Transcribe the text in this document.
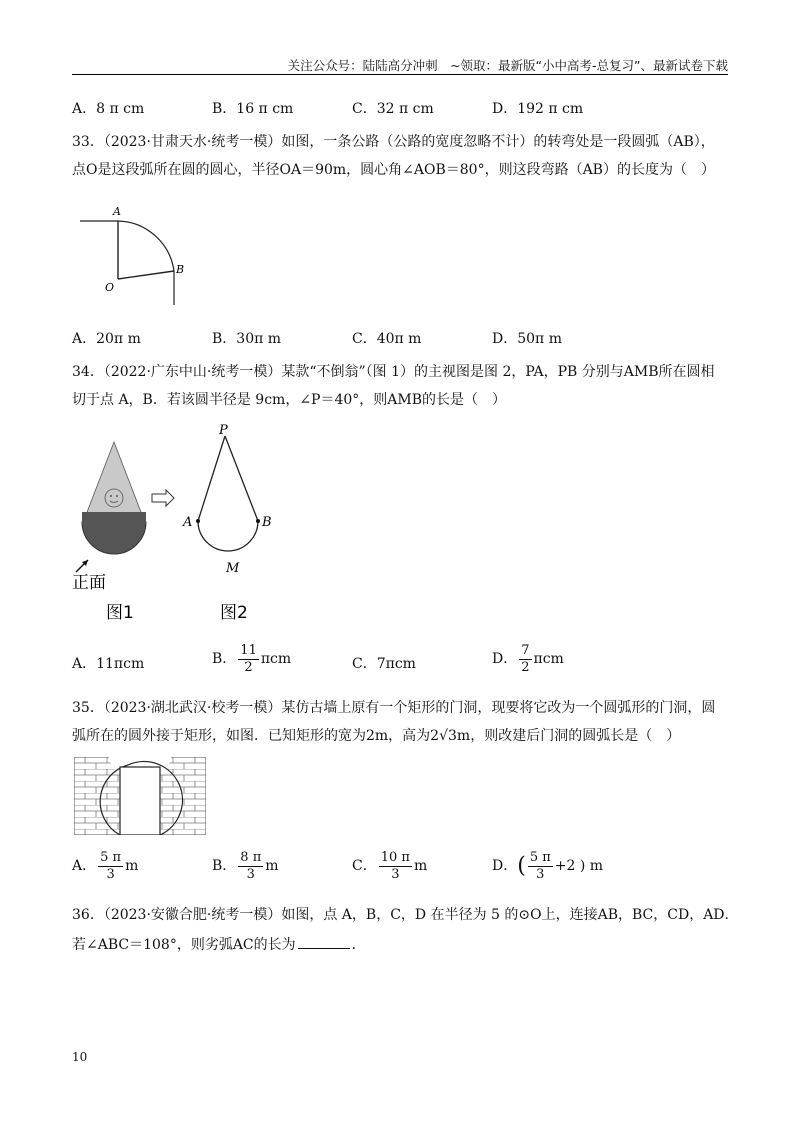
关注公众号：陆陆高分冲刺　~领取：最新版“小中高考-总复习”、最新试卷下载
A．8 π cm	B．16 π cm	C．32 π cm	D．192 π cm
33．（2023·甘肃天水·统考一模）如图，一条公路（公路的宽度忽略不计）的转弯处是一段圆弧（AB），
点O是这段弧所在圆的圆心，半径OA＝90m，圆心角∠AOB＝80°，则这段弯路（AB）的长度为（　）
A
B
O
A．20π m	B．30π m	C．40π m	D．50π m
34．（2022·广东中山·统考一模）某款“不倒翁”（图 1）的主视图是图 2，PA，PB 分别与AMB所在圆相
切于点 A，B．若该圆半径是 9cm，∠P＝40°，则AMB的长是（　）
正面
图1
P
A	B
M
图2
A．11πcm	B． $\frac{11}{2}$ πcm	C．7πcm	D． $\frac{7}{2}$ πcm
35．（2023·湖北武汉·校考一模）某仿古墙上原有一个矩形的门洞，现要将它改为一个圆弧形的门洞，圆
弧所在的圆外接于矩形，如图．已知矩形的宽为2m，高为2√3m，则改建后门洞的圆弧长是（　）
A． $\frac{5 \pi}{3}$ m	B． $\frac{8 \pi}{3}$ m	C． $\frac{10 \pi}{3}$ m	D．( $\frac{5 \pi}{3} +2$ ) m
36．（2023·安徽合肥·统考一模）如图，点 A，B，C，D 在半径为 5 的⊙O上，连接AB，BC，CD，AD．
若∠ABC＝108°，则劣弧AC的长为	．
10
